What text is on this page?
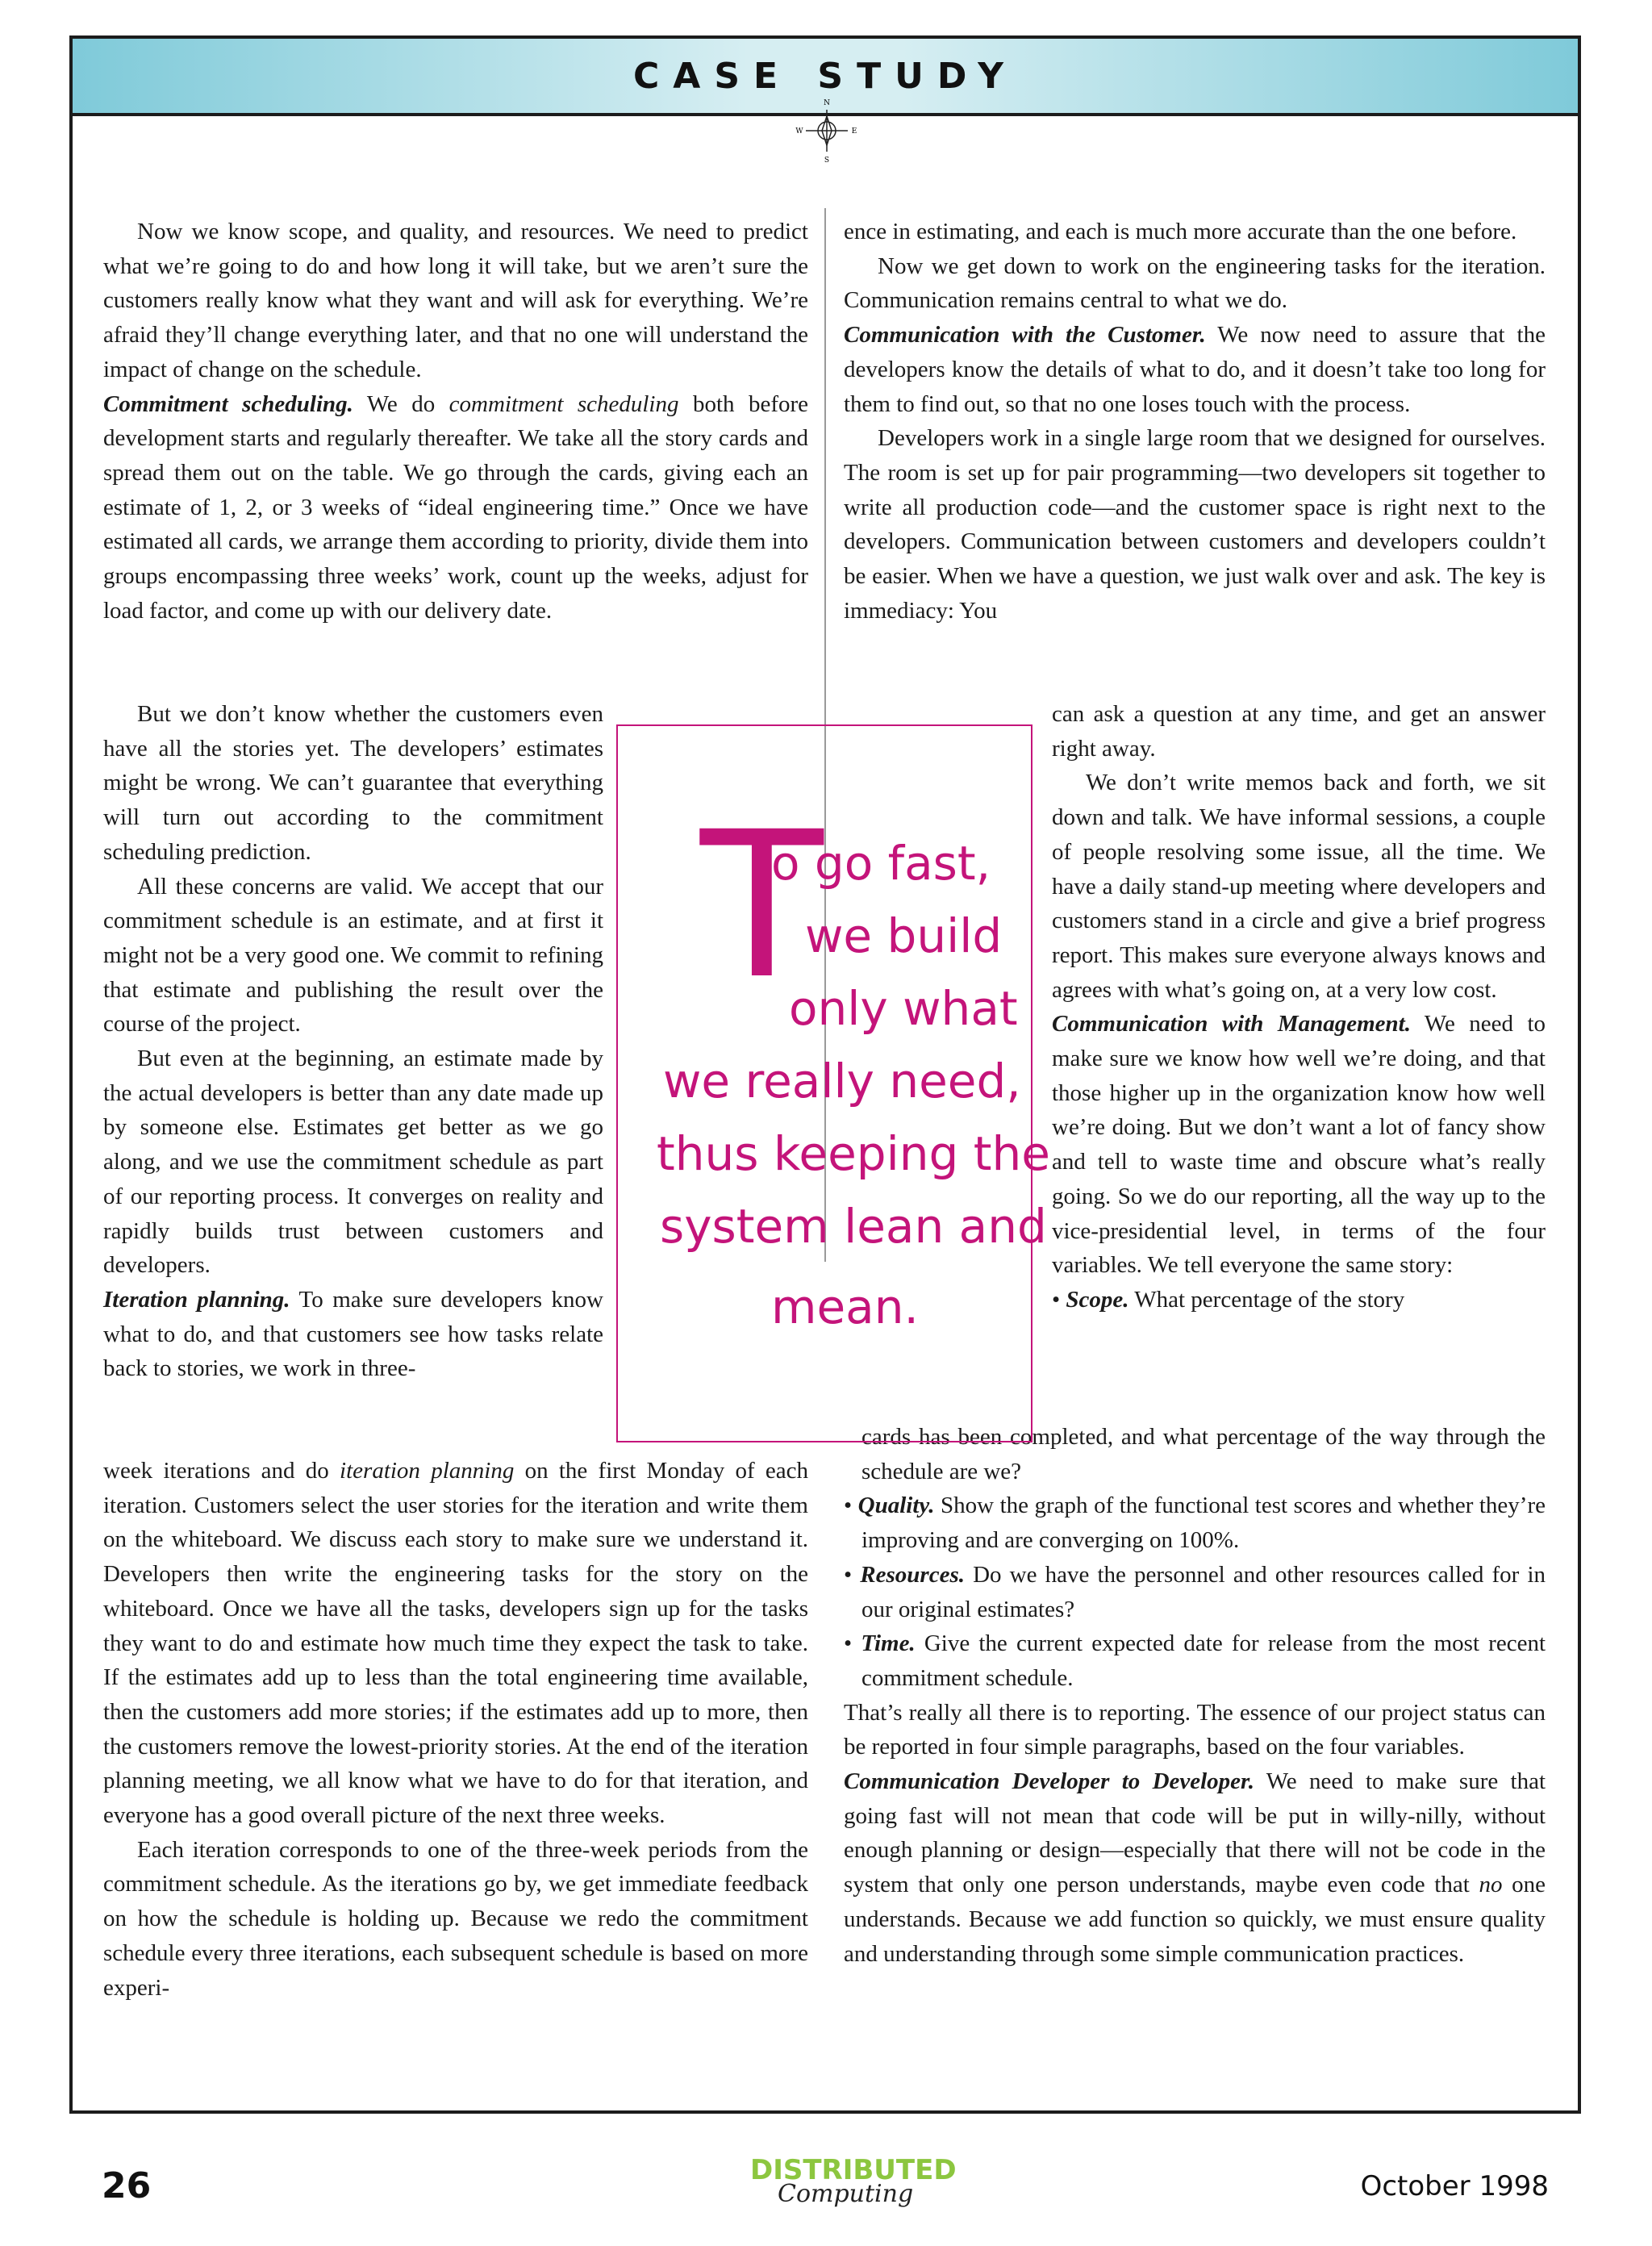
CASE STUDY
N
E
S
W

Now we know scope, and quality, and resources. We need to predict what we’re going to do and how long it will take, but we aren’t sure the customers really know what they want and will ask for everything. We’re afraid they’ll change everything later, and that no one will understand the impact of change on the schedule.

Commitment scheduling. We do commitment scheduling both before development starts and regularly thereafter. We take all the story cards and spread them out on the table. We go through the cards, giving each an estimate of 1, 2, or 3 weeks of “ideal engineering time.” Once we have estimated all cards, we arrange them according to priority, divide them into groups encompassing three weeks’ work, count up the weeks, adjust for load factor, and come up with our delivery date.

But we don’t know whether the customers even have all the stories yet. The developers’ estimates might be wrong. We can’t guarantee that everything will turn out according to the commitment scheduling prediction.

All these concerns are valid. We accept that our commitment schedule is an estimate, and at first it might not be a very good one. We commit to refining that estimate and publishing the result over the course of the project.

But even at the beginning, an estimate made by the actual developers is better than any date made up by someone else. Estimates get better as we go along, and we use the commitment schedule as part of our reporting process. It converges on reality and rapidly builds trust between customers and developers.

Iteration planning. To make sure developers know what to do, and that customers see how tasks relate back to stories, we work in three-

week iterations and do iteration planning on the first Monday of each iteration. Customers select the user stories for the iteration and write them on the whiteboard. We discuss each story to make sure we understand it. Developers then write the engineering tasks for the story on the whiteboard. Once we have all the tasks, developers sign up for the tasks they want to do and estimate how much time they expect the task to take. If the estimates add up to less than the total engineering time available, then the customers add more stories; if the estimates add up to more, then the customers remove the lowest-priority stories. At the end of the iteration planning meeting, we all know what we have to do for that iteration, and everyone has a good overall picture of the next three weeks.

Each iteration corresponds to one of the three-week periods from the commitment schedule. As the iterations go by, we get immediate feedback on how the schedule is holding up. Because we redo the commitment schedule every three iterations, each subsequent schedule is based on more experi-

ence in estimating, and each is much more accurate than the one before.

Now we get down to work on the engineering tasks for the iteration. Communication remains central to what we do.

Communication with the Customer. We now need to assure that the developers know the details of what to do, and it doesn’t take too long for them to find out, so that no one loses touch with the process.

Developers work in a single large room that we designed for ourselves. The room is set up for pair programming—two developers sit together to write all production code—and the customer space is right next to the developers. Communication between customers and developers couldn’t be easier. When we have a question, we just walk over and ask. The key is immediacy: You

can ask a question at any time, and get an answer right away.

We don’t write memos back and forth, we sit down and talk. We have informal sessions, a couple of people resolving some issue, all the time. We have a daily stand-up meeting where developers and customers stand in a circle and give a brief progress report. This makes sure everyone always knows and agrees with what’s going on, at a very low cost.

Communication with Management. We need to make sure we know how well we’re doing, and that those higher up in the organization know how well we’re doing. But we don’t want a lot of fancy show and tell to waste time and obscure what’s really going. So we do our reporting, all the way up to the vice-presidential level, in terms of the four variables. We tell everyone the same story:

• Scope. What percentage of the story

cards has been completed, and what percentage of the way through the schedule are we?

• Quality. Show the graph of the functional test scores and whether they’re improving and are converging on 100%.

• Resources. Do we have the personnel and other resources called for in our original estimates?

• Time. Give the current expected date for release from the most recent commitment schedule.

That’s really all there is to reporting. The essence of our project status can be reported in four simple paragraphs, based on the four variables.

Communication Developer to Developer. We need to make sure that going fast will not mean that code will be put in willy-nilly, without enough planning or design—especially that there will not be code in the system that only one person understands, maybe even code that no one understands. Because we add function so quickly, we must ensure quality and understanding through some simple communication practices.

T
o go fast,
we build
only what
we really need,
thus keeping the
system lean and
mean.
26	DISTRIBUTED
Computing	October 1998
